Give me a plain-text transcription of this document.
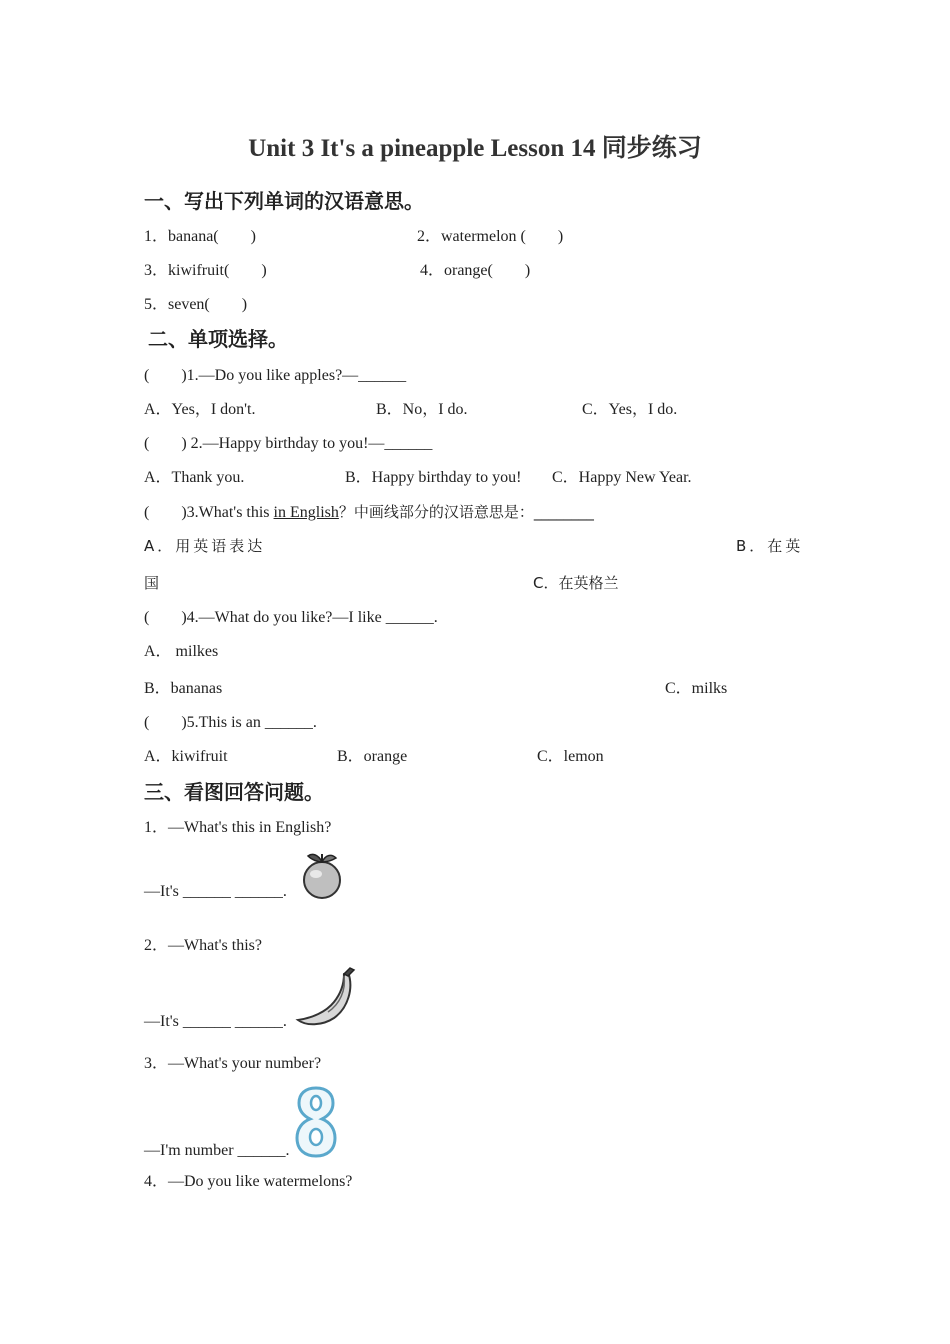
Unit 3 It's a pineapple Lesson 14 同步练习
一、写出下列单词的汉语意思。
1．banana(　　)	2．watermelon (　　)
3．kiwifruit(　　)	4．orange(　　)
5．seven(　　)
二、单项选择。
(　　)1.—Do you like apples?—______
A．Yes，I don't.	B．No，I do.	C．Yes，I do.
(　　) 2.—Happy birthday to you!—______
A．Thank you.	B．Happy birthday to you! C．Happy New Year.
(　　)3.What's this in English？中画线部分的汉语意思是：________
A．用英语表达	B．在英
国	C．在英格兰
(　　)4.—What do you like?—I like ______.
A． milkes
B．bananas	C．milks
(　　)5.This is an ______.
A．kiwifruit	B．orange	C．lemon
三、看图回答问题。
1．—What's this in English?
—It's ______ ______.
2．—What's this?
—It's ______ ______.
3．—What's your number?
—I'm number ______.
4．—Do you like watermelons?
